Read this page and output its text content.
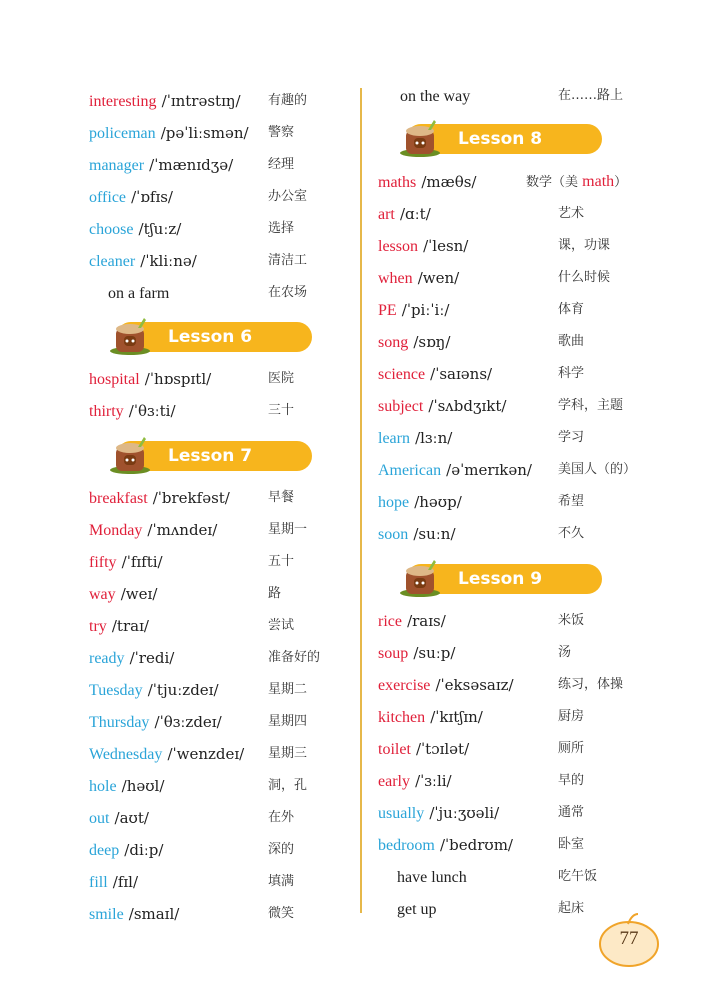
interesting /ˈɪntrəstɪŋ/ 有趣的
policeman /pəˈliːsmən/ 警察
manager /ˈmænɪdʒə/	经理
office /ˈɒfɪs/	办公室
choose /tʃuːz/	选择
cleaner /ˈkliːnə/	清洁工
on a farm	在农场
Lesson 6
hospital /ˈhɒspɪtl/	医院
thirty /ˈθɜːti/	三十
Lesson 7
breakfast /ˈbrekfəst/	早餐
Monday /ˈmʌndeɪ/	星期一
fifty /ˈfɪfti/	五十
way /weɪ/	路
try /traɪ/	尝试
ready /ˈredi/	准备好的
Tuesday /ˈtjuːzdeɪ/	星期二
Thursday /ˈθɜːzdeɪ/	星期四
Wednesday /ˈwenzdeɪ/ 星期三
hole /həʊl/	洞，孔
out /aʊt/	在外
deep /diːp/	深的
fill /fɪl/	填满
smile /smaɪl/	微笑
on the way	在……路上
Lesson 8
maths /mæθs/	数学（美 math）
art /ɑːt/	艺术
lesson /ˈlesn/	课，功课
when /wen/	什么时候
PE /ˈpiːˈiː/	体育
song /sɒŋ/	歌曲
science /ˈsaɪəns/	科学
subject /ˈsʌbdʒɪkt/	学科，主题
learn /lɜːn/	学习
American /əˈmerɪkən/ 美国人（的）
hope /həʊp/	希望
soon /suːn/	不久
Lesson 9
rice /raɪs/	米饭
soup /suːp/	汤
exercise /ˈeksəsaɪz/	练习，体操
kitchen /ˈkɪtʃɪn/	厨房
toilet /ˈtɔɪlət/	厕所
early /ˈɜːli/	早的
usually /ˈjuːʒʊəli/	通常
bedroom /ˈbedrʊm/	卧室
have lunch	吃午饭
get up	起床
77
